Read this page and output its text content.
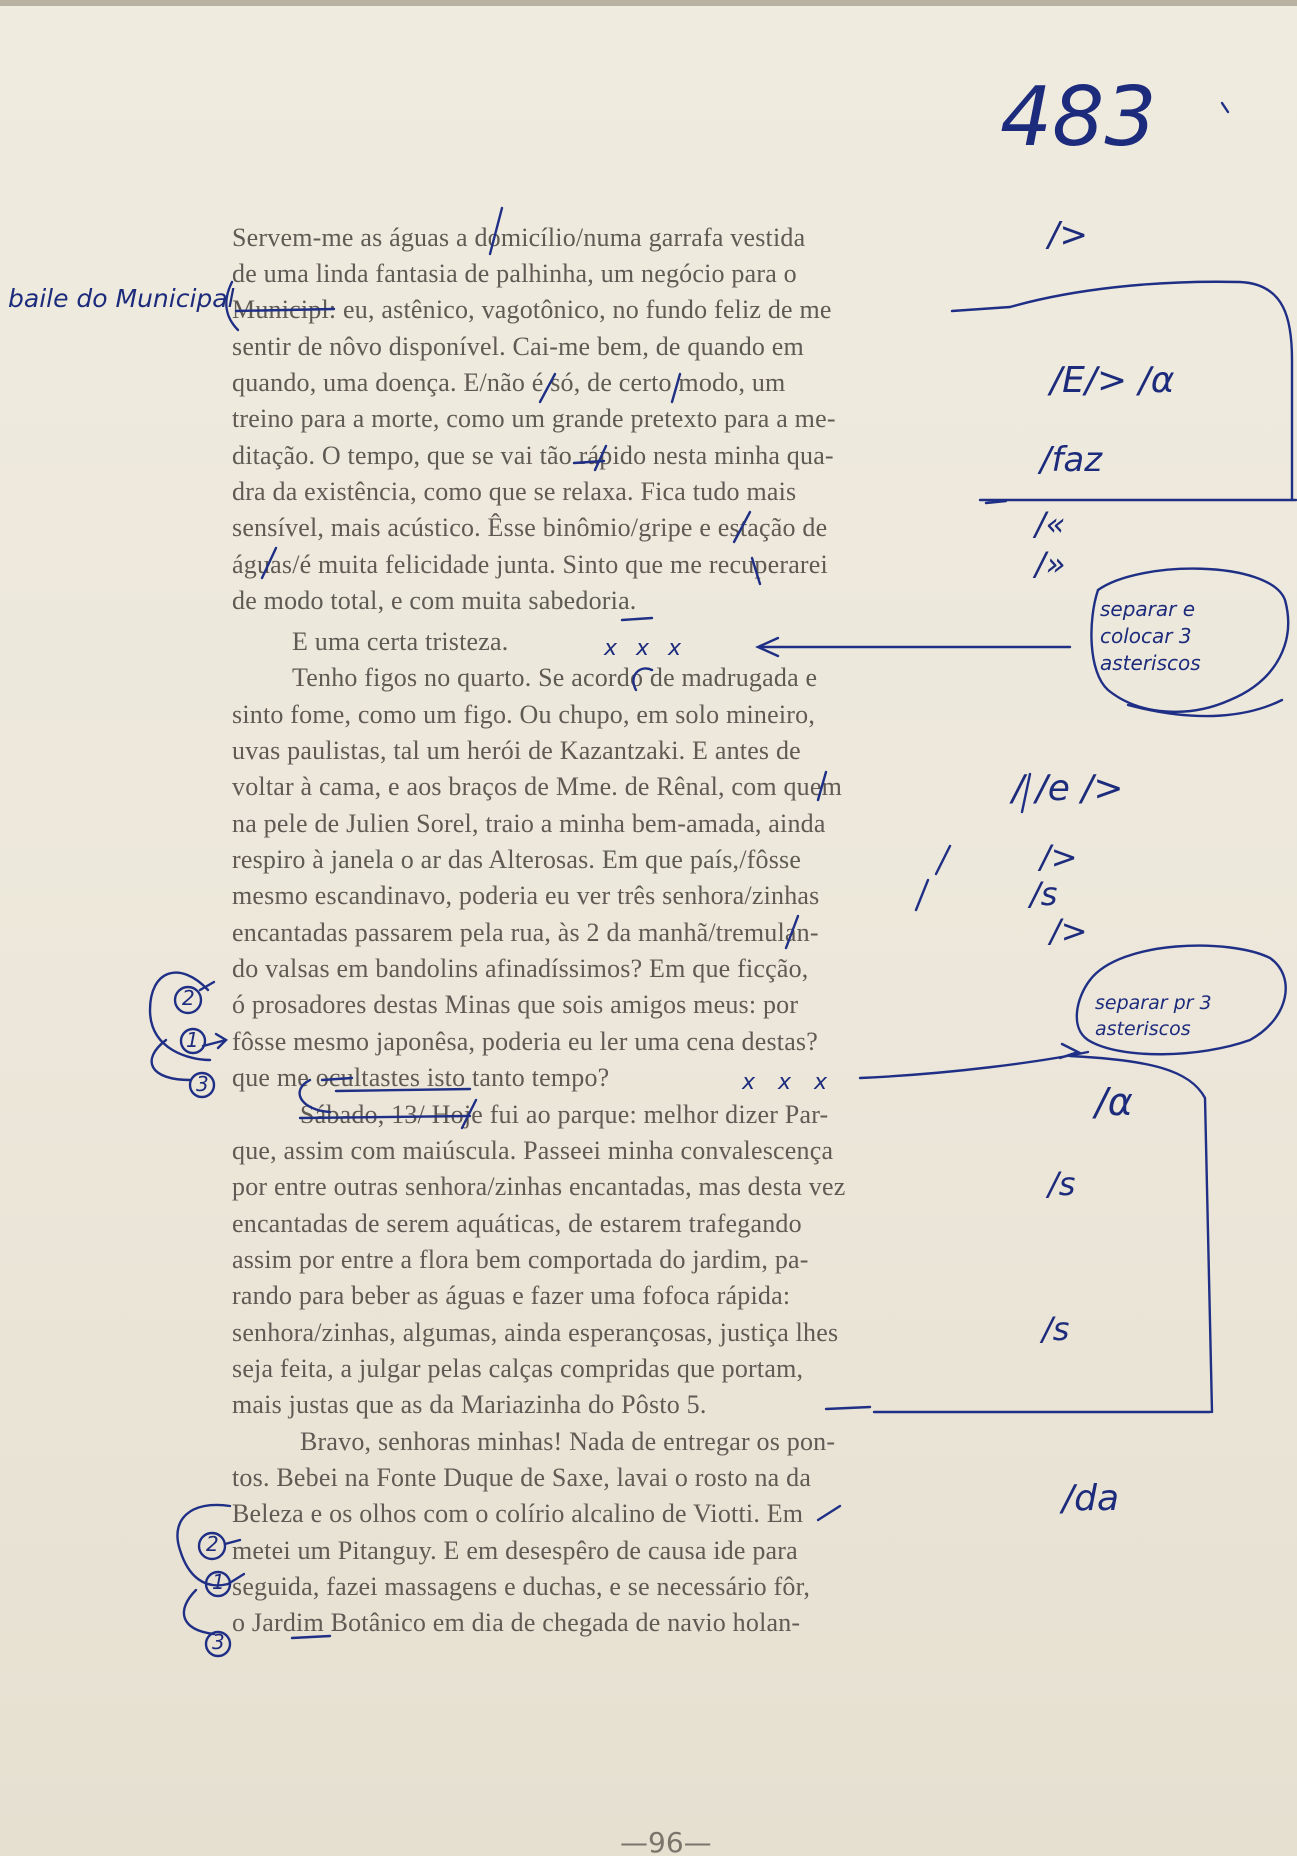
Servem-me as águas a domicílio/numa garrafa vestida

de uma linda fantasia de palhinha, um negócio para o

Municipl: eu, astênico, vagotônico, no fundo feliz de me

sentir de nôvo disponível. Cai-me bem, de quando em

quando, uma doença. E/não é só, de certo modo, um

treino para a morte, como um grande pretexto para a me-

ditação. O tempo, que se vai tão rápido nesta minha qua-

dra da existência, como que se relaxa. Fica tudo mais

sensível, mais acústico. Êsse binômio/gripe e estação de

águas/é muita felicidade junta. Sinto que me recuperarei

de modo total, e com muita sabedoria.

E uma certa tristeza.

Tenho figos no quarto. Se acordo de madrugada e

sinto fome, como um figo. Ou chupo, em solo mineiro,

uvas paulistas, tal um herói de Kazantzaki. E antes de

voltar à cama, e aos braços de Mme. de Rênal, com quem

na pele de Julien Sorel, traio a minha bem-amada, ainda

respiro à janela o ar das Alterosas. Em que país,/fôsse

mesmo escandinavo, poderia eu ver três senhora/zinhas

encantadas passarem pela rua, às 2 da manhã/tremulan-

do valsas em bandolins afinadíssimos? Em que ficção,

ó prosadores destas Minas que sois amigos meus: por

fôsse mesmo japonêsa, poderia eu ler uma cena destas?

que me ocultastes isto tanto tempo?

Sábado, 13/ Hoje fui ao parque: melhor dizer Par-

que, assim com maiúscula. Passeei minha convalescença

por entre outras senhora/zinhas encantadas, mas desta vez

encantadas de serem aquáticas, de estarem trafegando

assim por entre a flora bem comportada do jardim, pa-

rando para beber as águas e fazer uma fofoca rápida:

senhora/zinhas, algumas, ainda esperançosas, justiça lhes

seja feita, a julgar pelas calças compridas que portam,

mais justas que as da Mariazinha do Pôsto 5.

Bravo, senhoras minhas! Nada de entregar os pon-

tos. Bebei na Fonte Duque de Saxe, lavai o rosto na da

Beleza e os olhos com o colírio alcalino de Viotti. Em

metei um Pitanguy. E em desespêro de causa ide para

seguida, fazei massagens e duchas, e se necessário fôr,

o Jardim Botânico em dia de chegada de navio holan-

483

baile do Municipal

/>

/E/> /α

/faz

/«

/»

separar e colocar 3 asteriscos

/ /e />

/>

/s

/>

separar pr 3 asteriscos

/α

/s

/s

/da

x x x

x x x

2

1

3

2

1

3

—96—
